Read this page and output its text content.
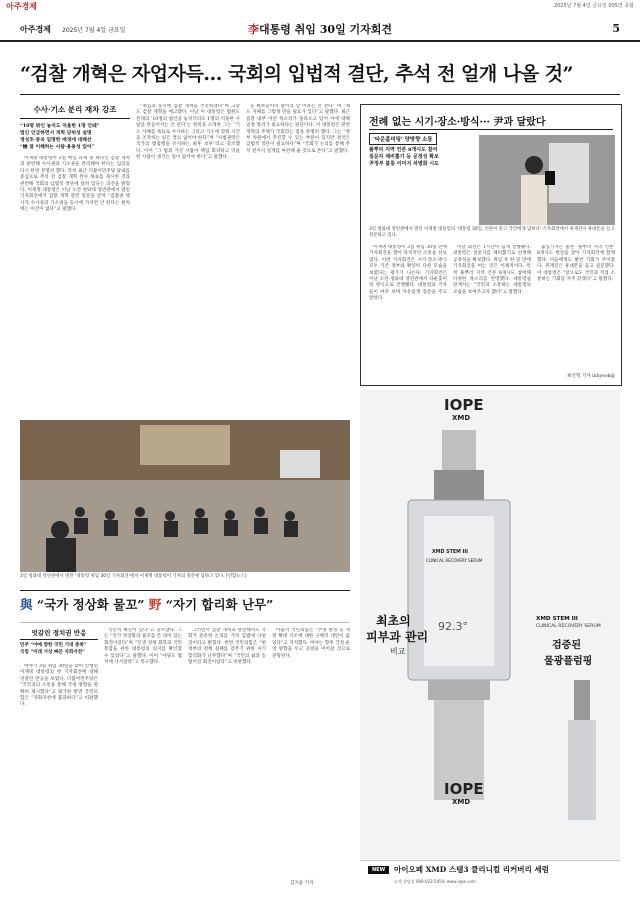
아주경제	2025년 7월 4일 금요일 005면 종합
아주경제 2025년 7월 4일 금요일	李대통령 취임 30일 기자회견	5
“검찰 개혁은 자업자득… 국회의 입법적 결단, 추석 전 얼개 나올 것”
수사·기소 분리 재차 강조
“10명 밖인 놓치도 억울한 1명 안돼”
법인 안급하면서 개혁 당위성 설명
정성호·봉욱 임명한 배경에 대해선
“檢 잘 이해하는 사람·용용성 있어”

이재명 대통령이 3일 핵심 과제 중 하나인 검찰 개혁과 관련해 수사권과 기소권을 분리해야 한다는 입장을 다시 한번 분명히 했다. 특히 최근 더불어민주당 당내를 중심으로 추석 전 검찰 개혁 완수 목표를 제시한 것과 관련해 국회의 입법적 결단에 달려 있다는 의견을 밝혔다. 이재명 대통령은 이날 오전 청와대 영빈관에서 열린 기자회견에서 검찰 개혁 관련 질문을 받자 “검찰권 행사가 수사권과 기소권을 동시에 가지면 안 된다는 원칙에는 이견이 없다”고 말했다.

“취임과 동시에 검찰 개혁을 추진하겠다”며 고강도 검찰 개혁을 예고했다. 이날 이 대통령은 법원도 본래의 ‘10명의 범인을 놓치더라도 1명의 억울한 사람을 만들어서는 안 된다’는 원칙을 소개한 그는 “기소 자체를 목표로 수사하는 그리고 기소에 맞춰 사건을 조작하는 일은 결코 없어야 한다”며 “사법권력은 국가의 법집행을 유지하는 최후 보루”라고 강조했다. 이어 “그 범죄 가진 사람이 책임 회피하고 억울한 사람이 생기는 일이 없어야 한다”고 말했다.

등 확보들이라 말이라 할 이라는 것 같다” 며 “제도 자체를 그렇게 만들 필요가 있다”고 말했다. 최근 검찰 내부 이런 목소리가 올라오고 있어 이에 대해 일정 정리가 필요하다는 판단이다. 이 대통령은 관련 개혁의 주체가 국회라는 점을 분명히 했다. 그는 “정부 차원에서 추진할 수 있는 부분이 있지만 결국은 입법적 결단이 필요하다”며 “국회가 논의를 통해 추석 전까지 얼개를 마련해 줄 것으로 본다”고 말했다.

3일 청와대 영빈관에서 열린 ‘대통령 취임 30일 기자회견’에서 이재명 대통령이 기자의 질문에 답하고 있다. [연합뉴스]
전례 없는 시기·장소·방식··· 尹과 달랐다
‘타운홀미팅’ 양방향 소통
풀뿌리 지역 언론 8개사도 참여
질문자 제비뽑기 등 공정성 확보
尹정부 불통 이미지 차별화 시도
3일 청와대 영빈관에서 열린 이재명 대통령의 ‘대통령 30일, 언론이 묻고 국민에게 답하다’ 기자회견에서 취재진이 휴대폰을 들고 질문하고 있다.

이재명 대통령이 3일 취임 30일 만에 기자회견을 열어 파격적인 소통을 선보였다. 이번 기자회견은 시기·장소·방식 모두 기존 정부와 확연히 다른 모습을 보였다는 평가가 나온다. 기자회견은 이날 오전 청와대 영빈관에서 타운홀미팅 방식으로 진행됐다. 대통령과 기자들이 마주 보며 자유롭게 질문을 주고받았다.

이날 회견은 1시간이 넘게 진행됐다. 대통령은 질문자를 제비뽑기로 선정해 공정성을 확보했다. 취임 후 한 달 만에 기자회견을 여는 것은 이례적이다. 특히 풀뿌리 지역 언론 8개사도 참여해 다양한 목소리를 반영했다. 대통령실 관계자는 “국민과 소통하는 대통령의 모습을 보여주고자 했다”고 말했다.

출입기자는 물론 ‘풀뿌리 지역 언론’ 8개사도 현장을 찾아 기자회견에 함께했다. 이들에게도 발언 기회가 주어졌다. 취재진은 휴대폰을 들고 질문했다. 이 대통령은 “앞으로도 국민과 직접 소통하는 기회를 자주 갖겠다”고 말했다.

최인혁 기자 inhyeok@
IOPE
XMD
XMD STEM III
CLINICAL RECOVERY SERUM
92.3°
최초의
피부과 관리
비교
XMD STEM III
CLINICAL RECOVERY SERUM
검증된
물광플럼핑
IOPE
XMD
NEW	아이오페 XMD 스템3 클리니컬 리커버리 세럼
고객 상담실 080-023-5454, www.iope.com
與 “국가 정상화 물꼬” 野 “자기 합리화 난무”
엇갈린 정치권 반응
민주 “야예 향한 국민 기대 충족”
국힘 “미래 가상 빠른 자화자찬”

여야가 3일 취임 30일을 맞아 진행된 이재명 대통령의 첫 기자회견에 대해 엇갈린 반응을 보였다. 더불어민주당은 “국민과의 소통을 통해 국정 방향을 명확히 제시했다”고 평가한 반면 국민의힘은 “자화자찬에 불과하다”고 비판했다.

국민적 확신이 있다”고 강조했다. 그는 “국가 정상화의 물꼬를 튼 의미 있는 회견이었다”며 “민생 경제 회복과 국민 통합을 위한 대통령의 의지를 확인할 수 있었다”고 말했다. 이어 “야당도 협치에 나서달라”고 촉구했다.

그러면서 검찰 개혁과 관련해서도 국회가 충분한 논의를 거쳐 입법에 나설 것이라고 밝혔다. 반면 국민의힘은 “현 정부의 정책 실패를 감추기 위한 자기 합리화가 난무했다”며 “국민의 삶과 동떨어진 회견이었다”고 비판했다.

아울러 국민의힘은 “추경 편성 등 재정 확대 기조에 대한 구체적 대안이 없었다”고 지적했다. 여야는 향후 국정 운영 방향을 두고 공방을 이어갈 것으로 전망된다.

김지윤 기자
